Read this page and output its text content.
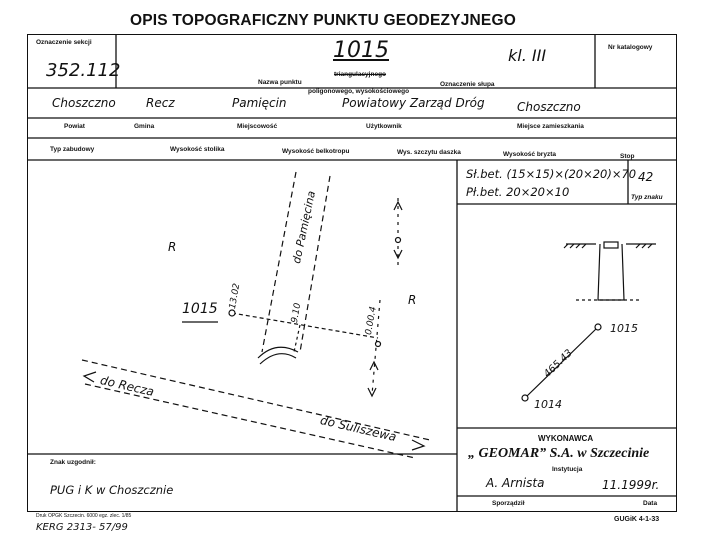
OPIS TOPOGRAFICZNY PUNKTU GEODEZYJNEGO
Oznaczenie sekcji
352.112
1015	kl. III	Nr katalogowy
Nazwa punktu
triangulacyjnego
poligonowego, wysokościowego
Oznaczenie słupa
Choszczno	Recz	Pamięcin	Powiatowy Zarząd Dróg	Choszczno
Powiat	Gmina	Miejscowość	Użytkownik	Miejsce zamieszkania
Typ zabudowy	Wysokość stolika	Wysokość belkotropu	Wys. szczytu daszka	Wysokość bryzta	Stop
Sł.bet. (15×15)×(20×20)×70
Pł.bet. 20×20×10
42
Typ znaku
1015
R
R
do Pamięcina
do Recza
do Suliszewa
13.02
9.10	0.00.4	1015
1014
465.43
WYKONAWCA
„ GEOMAR” S.A. w Szczecinie
Instytucja
A. Arnista	11.1999r.
Sporządził	Data
Znak uzgodnił:
PUG i K w Choszcznie
Druk OPGK Szczecin. 6000 egz. zlec. 1/85
KERG 2313- 57/99
GUGiK 4-1-33
